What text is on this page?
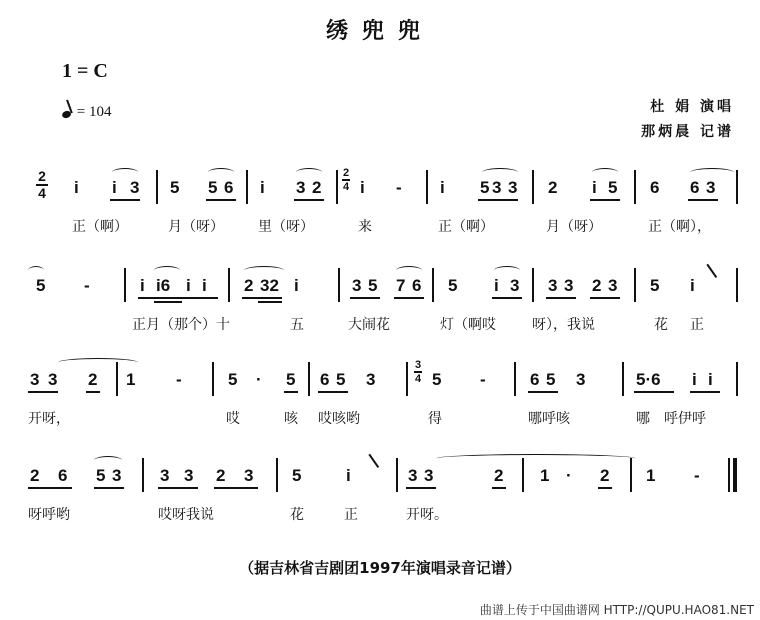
绣兜兜
1 = C
= 104	杜 娟 演唱
那炳晨 记谱
2
4 i i 3 5 5 6 i 3 2
2
4 i - i 5 3 3 2 i 5 6 6 3
正（啊）	月（呀） 里（呀）	来	正（啊）	月（呀）	正（啊），
5 -	i i6 i i 2 32 i	3 5 7 6 5 i 3 3 3 2 3 5 i
正月（那个）十	五	大闹花	灯（啊哎	呀），我说	花 正
3 3 2 1 -	5 · 5 6 5 3
3
4 5 -	6 5 3	5·6 i i
开呀，	哎	咳 哎咳哟	得	哪呼咳	哪 呼伊呼
2 6 5 3 3 3 2 3 5	i	3 3	2 1 · 2 1 -
呀呼哟	哎呀我说	花	正	开呀。
（据吉林省吉剧团1997年演唱录音记谱）
曲谱上传于中国曲谱网 HTTP://QUPU.HAO81.NET
